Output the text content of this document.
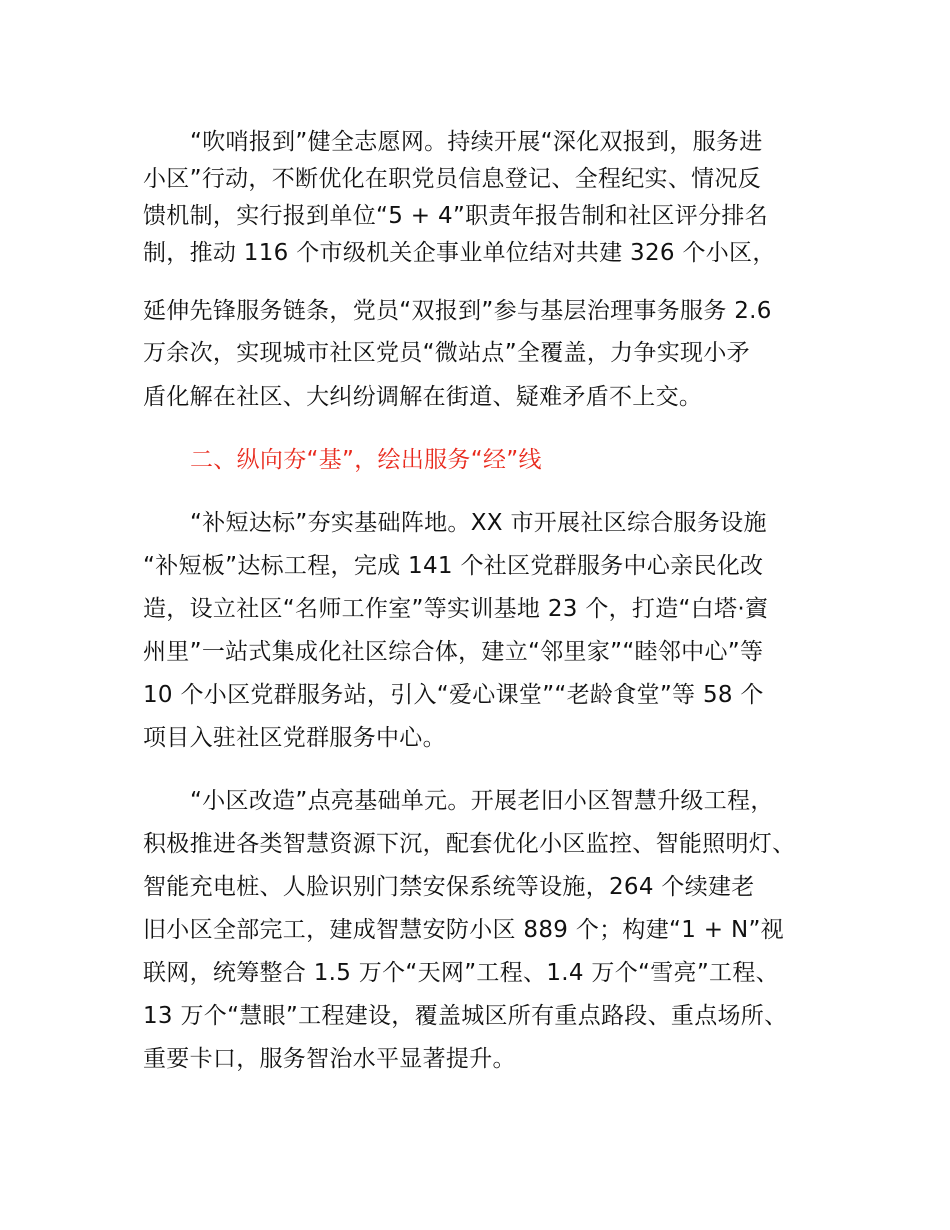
“吹哨报到”健全志愿网。持续开展“深化双报到，服务进

小区”行动，不断优化在职党员信息登记、全程纪实、情况反

馈机制，实行报到单位“5 + 4”职责年报告制和社区评分排名

制，推动 116 个市级机关企事业单位结对共建 326 个小区，

延伸先锋服务链条，党员“双报到”参与基层治理事务服务 2.6

万余次，实现城市社区党员“微站点”全覆盖，力争实现小矛

盾化解在社区、大纠纷调解在街道、疑难矛盾不上交。

二、纵向夯“基”，绘出服务“经”线

“补短达标”夯实基础阵地。XX 市开展社区综合服务设施

“补短板”达标工程，完成 141 个社区党群服务中心亲民化改

造，设立社区“名师工作室”等实训基地 23 个，打造“白塔·賨

州里”一站式集成化社区综合体，建立“邻里家”“睦邻中心”等

10 个小区党群服务站，引入“爱心课堂”“老龄食堂”等 58 个

项目入驻社区党群服务中心。

“小区改造”点亮基础单元。开展老旧小区智慧升级工程，

积极推进各类智慧资源下沉，配套优化小区监控、智能照明灯、

智能充电桩、人脸识别门禁安保系统等设施，264 个续建老

旧小区全部完工，建成智慧安防小区 889 个；构建“1 + N”视

联网，统筹整合 1.5 万个“天网”工程、1.4 万个“雪亮”工程、

13 万个“慧眼”工程建设，覆盖城区所有重点路段、重点场所、

重要卡口，服务智治水平显著提升。
